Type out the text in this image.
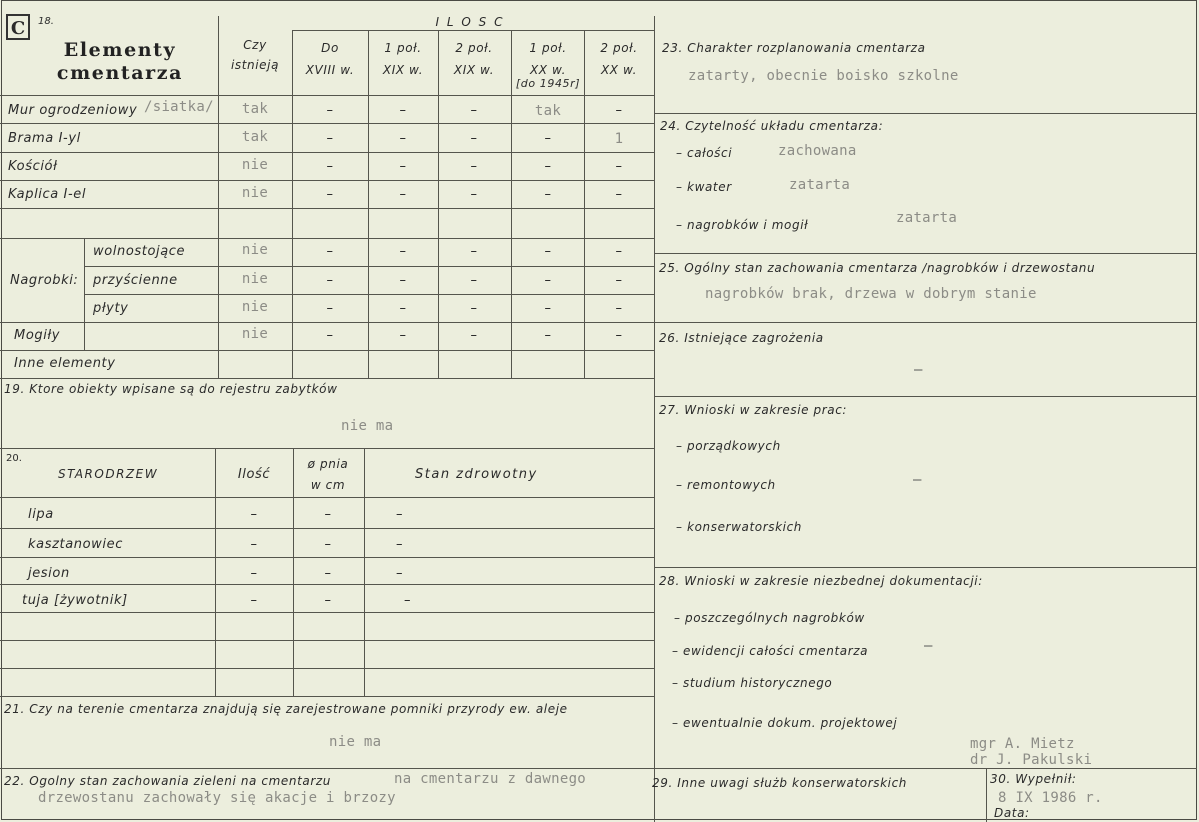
C	18.
Elementy
cmentarza
Czy
istnieją
I L O S C
Do
XVIII w.
1 poł.
XIX w.
2 poł.
XIX w.
1 poł.
XX w.
[do 1945r]
2 poł.
XX w.
Mur ogrodzeniowy	tak	–	–	–	tak	–
Brama I-yl	tak	–	–	–	–	1
Kościół	nie	–	–	–	–	–
Kaplica I-el	nie	–	–	–	–	–
wolnostojące	nie	–	–	–	–	–
przyścienne	nie	–	–	–	–	–
płyty	nie	–	–	–	–	–
Mogiły	nie	–	–	–	–	–
Inne elementy
/siatka/
Nagrobki:
19. Ktore obiekty wpisane są do rejestru zabytków
nie ma
20.
STARODRZEW	Ilość
ø pnia
w cm
Stan zdrowotny
lipa	–	–	–
kasztanowiec	–	–	–
jesion	–	–	–
tuja [żywotnik]	–	–	–
21. Czy na terenie cmentarza znajdują się zarejestrowane pomniki przyrody ew. aleje
nie ma
22. Ogolny stan zachowania zieleni na cmentarzu	na cmentarzu z dawnego
drzewostanu zachowały się akacje i brzozy
23. Charakter rozplanowania cmentarza
zatarty, obecnie boisko szkolne
24. Czytelność układu cmentarza:
– całości	zachowana
– kwater	zatarta
– nagrobków i mogił	zatarta
25. Ogólny stan zachowania cmentarza /nagrobków i drzewostanu
nagrobków brak, drzewa w dobrym stanie
26. Istniejące zagrożenia
–
27. Wnioski w zakresie prac:
– porządkowych
– remontowych
– konserwatorskich
–
28. Wnioski w zakresie niezbednej dokumentacji:
– poszczególnych nagrobków
– ewidencji całości cmentarza
– studium historycznego
– ewentualnie dokum. projektowej
–
mgr A. Mietz
dr J. Pakulski
29. Inne uwagi służb konserwatorskich	30. Wypełnił:
8 IX 1986 r.
Data:
